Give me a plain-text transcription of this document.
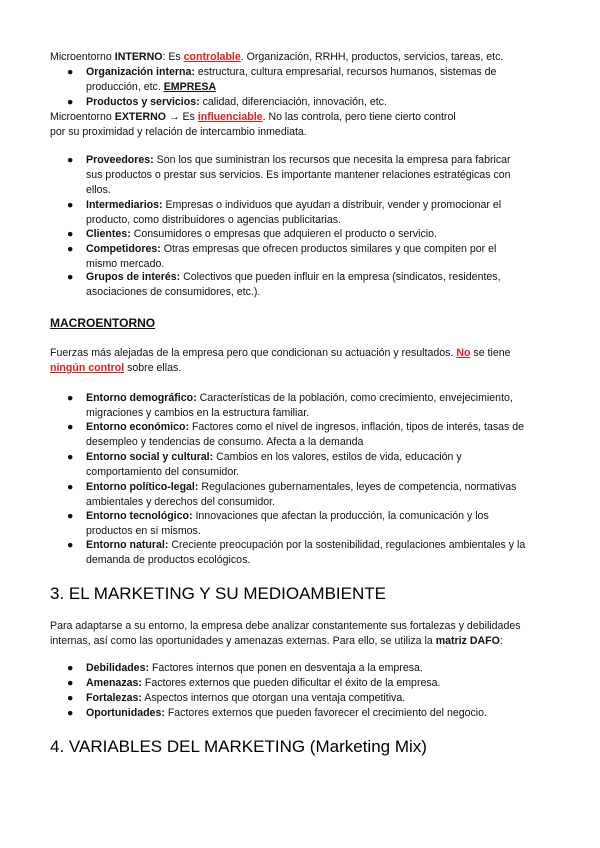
Microentorno INTERNO: Es controlable. Organización, RRHH, productos, servicios, tareas, etc.
● Organización interna: estructura, cultura empresarial, recursos humanos, sistemas de
producción, etc. EMPRESA
● Productos y servicios: calidad, diferenciación, innovación, etc.
Microentorno EXTERNO → Es influenciable. No las controla, pero tiene cierto control
por su proximidad y relación de intercambio inmediata.
● Proveedores: Son los que suministran los recursos que necesita la empresa para fabricar
sus productos o prestar sus servicios. Es importante mantener relaciones estratégicas con
ellos.
● Intermediarios: Empresas o individuos que ayudan a distribuir, vender y promocionar el
producto, como distribuidores o agencias publicitarias.
● Clientes: Consumidores o empresas que adquieren el producto o servicio.
● Competidores: Otras empresas que ofrecen productos similares y que compiten por el
mismo mercado.
● Grupos de interés: Colectivos que pueden influir en la empresa (sindicatos, residentes,
asociaciones de consumidores, etc.).
MACROENTORNO
Fuerzas más alejadas de la empresa pero que condicionan su actuación y resultados. No se tiene
ningún control sobre ellas.
● Entorno demográfico: Características de la población, como crecimiento, envejecimiento,
migraciones y cambios en la estructura familiar.
● Entorno económico: Factores como el nivel de ingresos, inflación, tipos de interés, tasas de
desempleo y tendencias de consumo. Afecta a la demanda
● Entorno social y cultural: Cambios en los valores, estilos de vida, educación y
comportamiento del consumidor.
● Entorno político-legal: Regulaciones gubernamentales, leyes de competencia, normativas
ambientales y derechos del consumidor.
● Entorno tecnológico: Innovaciones que afectan la producción, la comunicación y los
productos en sí mismos.
● Entorno natural: Creciente preocupación por la sostenibilidad, regulaciones ambientales y la
demanda de productos ecológicos.
3. EL MARKETING Y SU MEDIOAMBIENTE
Para adaptarse a su entorno, la empresa debe analizar constantemente sus fortalezas y debilidades
internas, así como las oportunidades y amenazas externas. Para ello, se utiliza la matriz DAFO:
● Debilidades: Factores internos que ponen en desventaja a la empresa.
● Amenazas: Factores externos que pueden dificultar el éxito de la empresa.
● Fortalezas: Aspectos internos que otorgan una ventaja competitiva.
● Oportunidades: Factores externos que pueden favorecer el crecimiento del negocio.
4. VARIABLES DEL MARKETING (Marketing Mix)
